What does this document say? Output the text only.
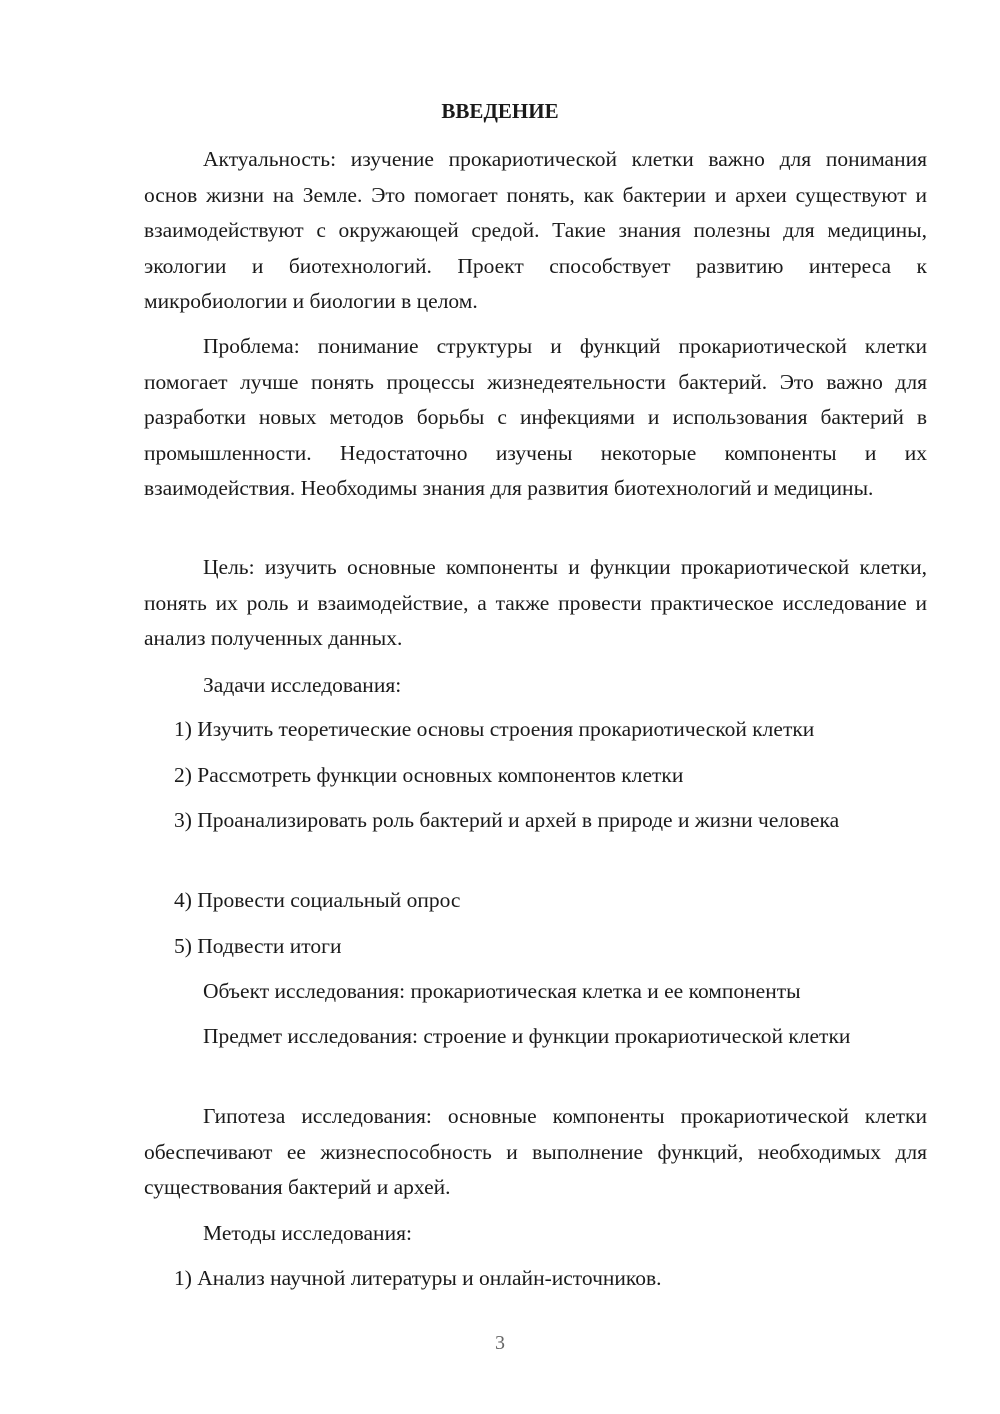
ВВЕДЕНИЕ

Актуальность: изучение прокариотической клетки важно для понимания основ жизни на Земле. Это помогает понять, как бактерии и археи существуют и взаимодействуют с окружающей средой. Такие знания полезны для медицины, экологии и биотехнологий. Проект способствует развитию интереса к микробиологии и биологии в целом.

Проблема: понимание структуры и функций прокариотической клетки помогает лучше понять процессы жизнедеятельности бактерий. Это важно для разработки новых методов борьбы с инфекциями и использования бактерий в промышленности. Недостаточно изучены некоторые компоненты и их взаимодействия. Необходимы знания для развития биотехнологий и медицины.

Цель: изучить основные компоненты и функции прокариотической клетки, понять их роль и взаимодействие, а также провести практическое исследование и анализ полученных данных.

Задачи исследования:

1) Изучить теоретические основы строения прокариотической клетки

2) Рассмотреть функции основных компонентов клетки

3) Проанализировать роль бактерий и архей в природе и жизни человека

4) Провести социальный опрос

5) Подвести итоги

Объект исследования: прокариотическая клетка и ее компоненты

Предмет исследования: строение и функции прокариотической клетки

Гипотеза исследования: основные компоненты прокариотической клетки обеспечивают ее жизнеспособность и выполнение функций, необходимых для существования бактерий и архей.

Методы исследования:

1) Анализ научной литературы и онлайн-источников.

3
